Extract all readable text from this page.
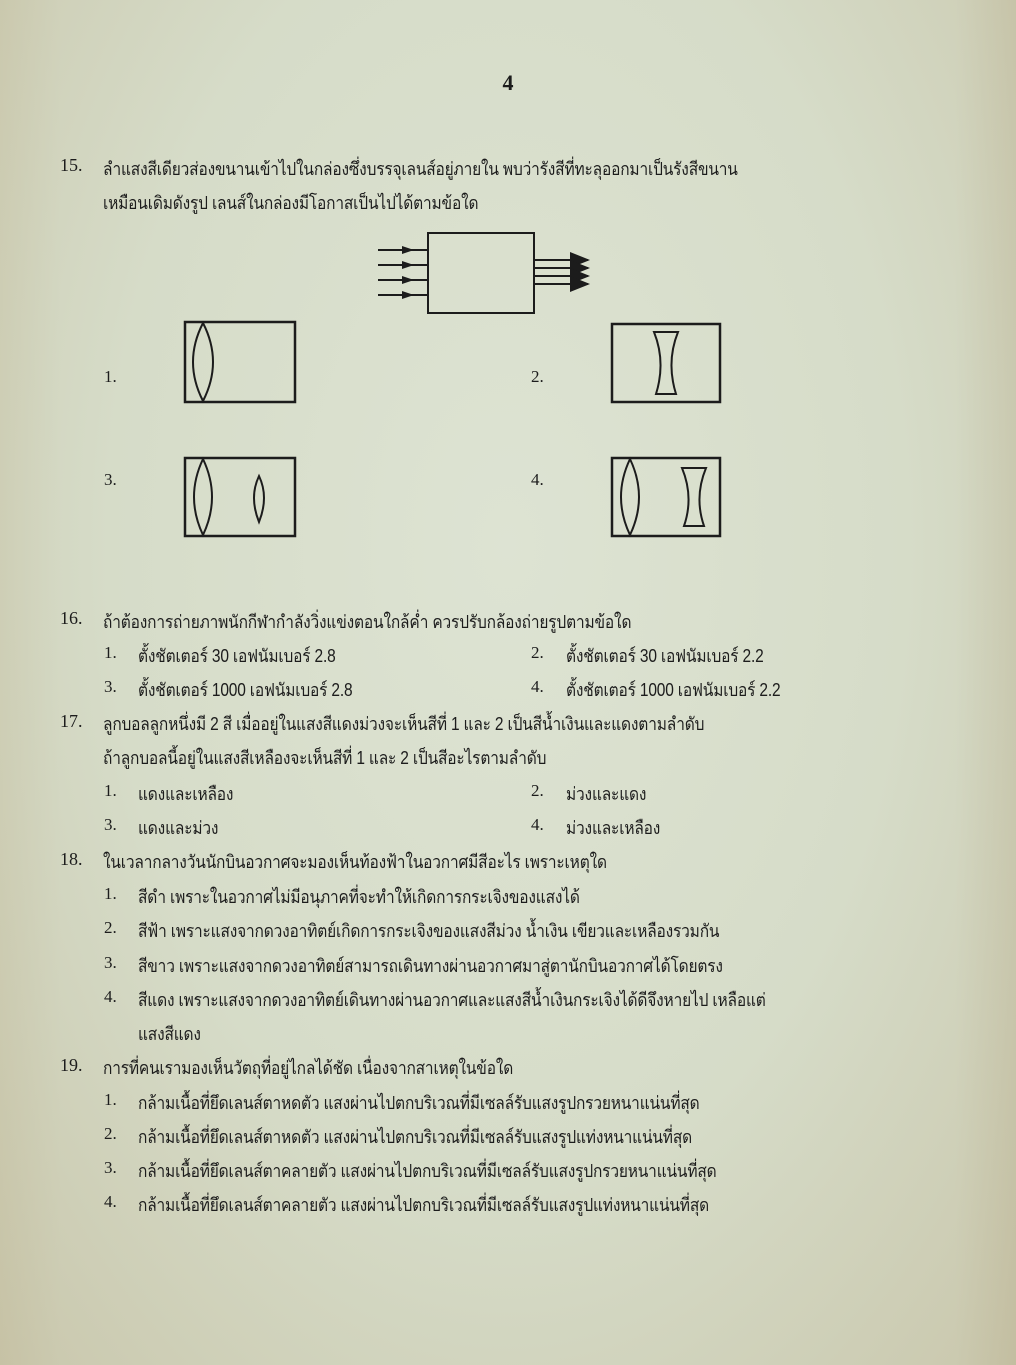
4
15. ลำแสงสีเดียวส่องขนานเข้าไปในกล่องซึ่งบรรจุเลนส์อยู่ภายใน พบว่ารังสีที่ทะลุออกมาเป็นรังสีขนาน
เหมือนเดิมดังรูป เลนส์ในกล่องมีโอกาสเป็นไปได้ตามข้อใด
1.	2.
3.	4.
16. ถ้าต้องการถ่ายภาพนักกีฬากำลังวิ่งแข่งตอนใกล้ค่ำ ควรปรับกล้องถ่ายรูปตามข้อใด
1. ตั้งชัตเตอร์ 30 เอฟนัมเบอร์ 2.8	2. ตั้งชัตเตอร์ 30 เอฟนัมเบอร์ 2.2
3. ตั้งชัตเตอร์ 1000 เอฟนัมเบอร์ 2.8	4. ตั้งชัตเตอร์ 1000 เอฟนัมเบอร์ 2.2
17. ลูกบอลลูกหนึ่งมี 2 สี เมื่ออยู่ในแสงสีแดงม่วงจะเห็นสีที่ 1 และ 2 เป็นสีน้ำเงินและแดงตามลำดับ
ถ้าลูกบอลนี้อยู่ในแสงสีเหลืองจะเห็นสีที่ 1 และ 2 เป็นสีอะไรตามลำดับ
1. แดงและเหลือง	2. ม่วงและแดง
3. แดงและม่วง	4. ม่วงและเหลือง
18. ในเวลากลางวันนักบินอวกาศจะมองเห็นท้องฟ้าในอวกาศมีสีอะไร เพราะเหตุใด
1. สีดำ เพราะในอวกาศไม่มีอนุภาคที่จะทำให้เกิดการกระเจิงของแสงได้
2. สีฟ้า เพราะแสงจากดวงอาทิตย์เกิดการกระเจิงของแสงสีม่วง น้ำเงิน เขียวและเหลืองรวมกัน
3. สีขาว เพราะแสงจากดวงอาทิตย์สามารถเดินทางผ่านอวกาศมาสู่ตานักบินอวกาศได้โดยตรง
4. สีแดง เพราะแสงจากดวงอาทิตย์เดินทางผ่านอวกาศและแสงสีน้ำเงินกระเจิงได้ดีจึงหายไป เหลือแต่
แสงสีแดง
19. การที่คนเรามองเห็นวัตถุที่อยู่ไกลได้ชัด เนื่องจากสาเหตุในข้อใด
1. กล้ามเนื้อที่ยึดเลนส์ตาหดตัว แสงผ่านไปตกบริเวณที่มีเซลล์รับแสงรูปกรวยหนาแน่นที่สุด
2. กล้ามเนื้อที่ยึดเลนส์ตาหดตัว แสงผ่านไปตกบริเวณที่มีเซลล์รับแสงรูปแท่งหนาแน่นที่สุด
3. กล้ามเนื้อที่ยึดเลนส์ตาคลายตัว แสงผ่านไปตกบริเวณที่มีเซลล์รับแสงรูปกรวยหนาแน่นที่สุด
4. กล้ามเนื้อที่ยึดเลนส์ตาคลายตัว แสงผ่านไปตกบริเวณที่มีเซลล์รับแสงรูปแท่งหนาแน่นที่สุด
